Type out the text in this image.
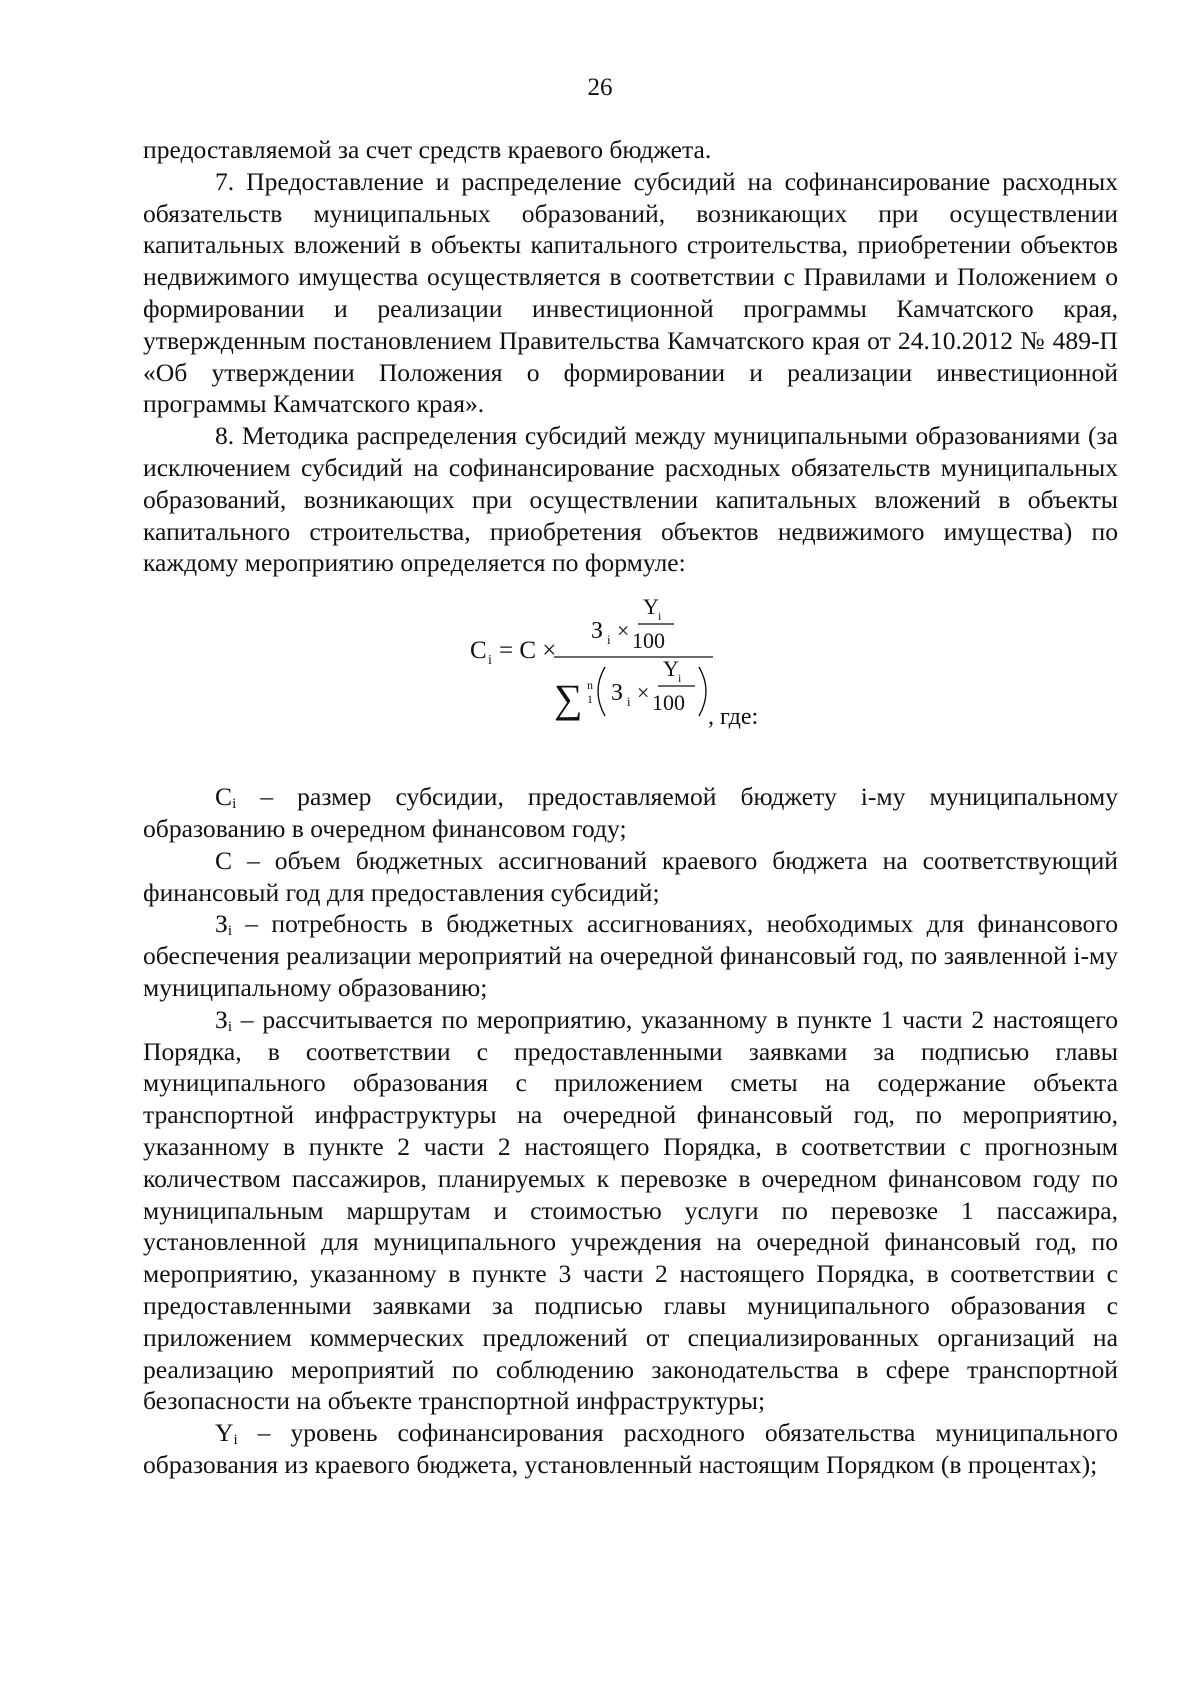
26

предоставляемой за счет средств краевого бюджета.

7. Предоставление и распределение субсидий на софинансирование расходных обязательств муниципальных образований, возникающих при осуществлении капитальных вложений в объекты капитального строительства, приобретении объектов недвижимого имущества осуществляется в соответствии с Правилами и Положением о формировании и реализации инвестиционной программы Камчатского края, утвержденным постановлением Правительства Камчатского края от 24.10.2012 № 489-П «Об утверждении Положения о формировании и реализации инвестиционной программы Камчатского края».

8. Методика распределения субсидий между муниципальными образованиями (за исключением субсидий на софинансирование расходных обязательств муниципальных образований, возникающих при осуществлении капитальных вложений в объекты капитального строительства, приобретения объектов недвижимого имущества) по каждому мероприятию определяется по формуле:

C i = C ×
З i ×
Y i
100
∑ n
1 З i ×
Y i
100
, где:

$C_i$ – размер субсидии, предоставляемой бюджету i-му муниципальному образованию в очередном финансовом году;

C – объем бюджетных ассигнований краевого бюджета на соответствующий финансовый год для предоставления субсидий;

$З_i$ – потребность в бюджетных ассигнованиях, необходимых для финансового обеспечения реализации мероприятий на очередной финансовый год, по заявленной i-му муниципальному образованию;

$З_i$ – рассчитывается по мероприятию, указанному в пункте 1 части 2 настоящего Порядка, в соответствии с предоставленными заявками за подписью главы муниципального образования с приложением сметы на содержание объекта транспортной инфраструктуры на очередной финансовый год, по мероприятию, указанному в пункте 2 части 2 настоящего Порядка, в соответствии с прогнозным количеством пассажиров, планируемых к перевозке в очередном финансовом году по муниципальным маршрутам и стоимостью услуги по перевозке 1 пассажира, установленной для муниципального учреждения на очередной финансовый год, по мероприятию, указанному в пункте 3 части 2 настоящего Порядка, в соответствии с предоставленными заявками за подписью главы муниципального образования с приложением коммерческих предложений от специализированных организаций на реализацию мероприятий по соблюдению законодательства в сфере транспортной безопасности на объекте транспортной инфраструктуры;

$Y_i$ – уровень софинансирования расходного обязательства муниципального образования из краевого бюджета, установленный настоящим Порядком (в процентах);
